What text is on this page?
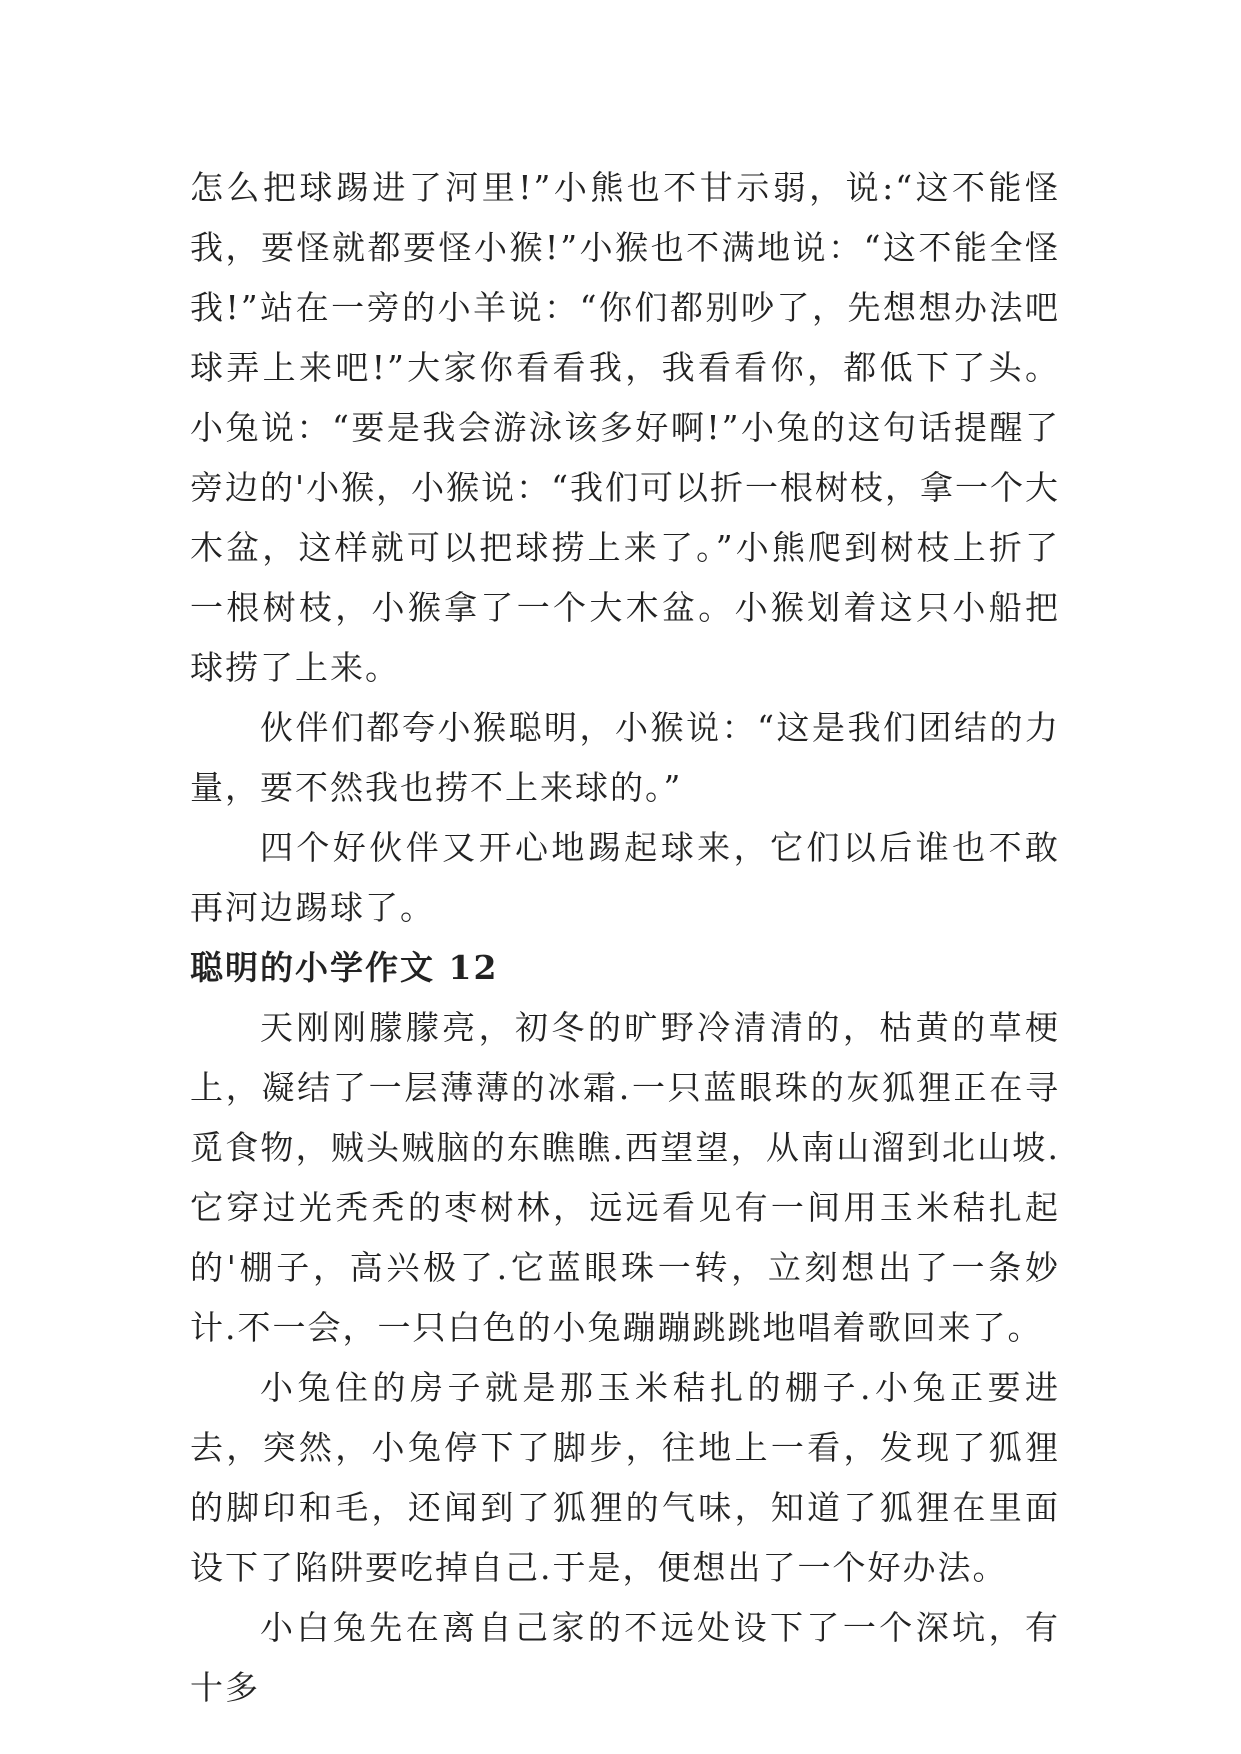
怎么把球踢进了河里!”小熊也不甘示弱，说:“这不能怪我，要怪就都要怪小猴!”小猴也不满地说：“这不能全怪我!”站在一旁的小羊说：“你们都别吵了，先想想办法吧球弄上来吧!”大家你看看我，我看看你，都低下了头。小兔说：“要是我会游泳该多好啊!”小兔的这句话提醒了旁边的'小猴，小猴说：“我们可以折一根树枝，拿一个大木盆，这样就可以把球捞上来了。”小熊爬到树枝上折了一根树枝，小猴拿了一个大木盆。小猴划着这只小船把球捞了上来。

伙伴们都夸小猴聪明，小猴说：“这是我们团结的力量，要不然我也捞不上来球的。”

四个好伙伴又开心地踢起球来，它们以后谁也不敢再河边踢球了。

聪明的小学作文 12

天刚刚朦朦亮，初冬的旷野冷清清的，枯黄的草梗上，凝结了一层薄薄的冰霜.一只蓝眼珠的灰狐狸正在寻觅食物，贼头贼脑的东瞧瞧.西望望，从南山溜到北山坡.它穿过光秃秃的枣树林，远远看见有一间用玉米秸扎起的'棚子，高兴极了.它蓝眼珠一转，立刻想出了一条妙计.不一会，一只白色的小兔蹦蹦跳跳地唱着歌回来了。

小兔住的房子就是那玉米秸扎的棚子.小兔正要进去，突然，小兔停下了脚步，往地上一看，发现了狐狸的脚印和毛，还闻到了狐狸的气味，知道了狐狸在里面设下了陷阱要吃掉自己.于是，便想出了一个好办法。

小白兔先在离自己家的不远处设下了一个深坑，有十多
